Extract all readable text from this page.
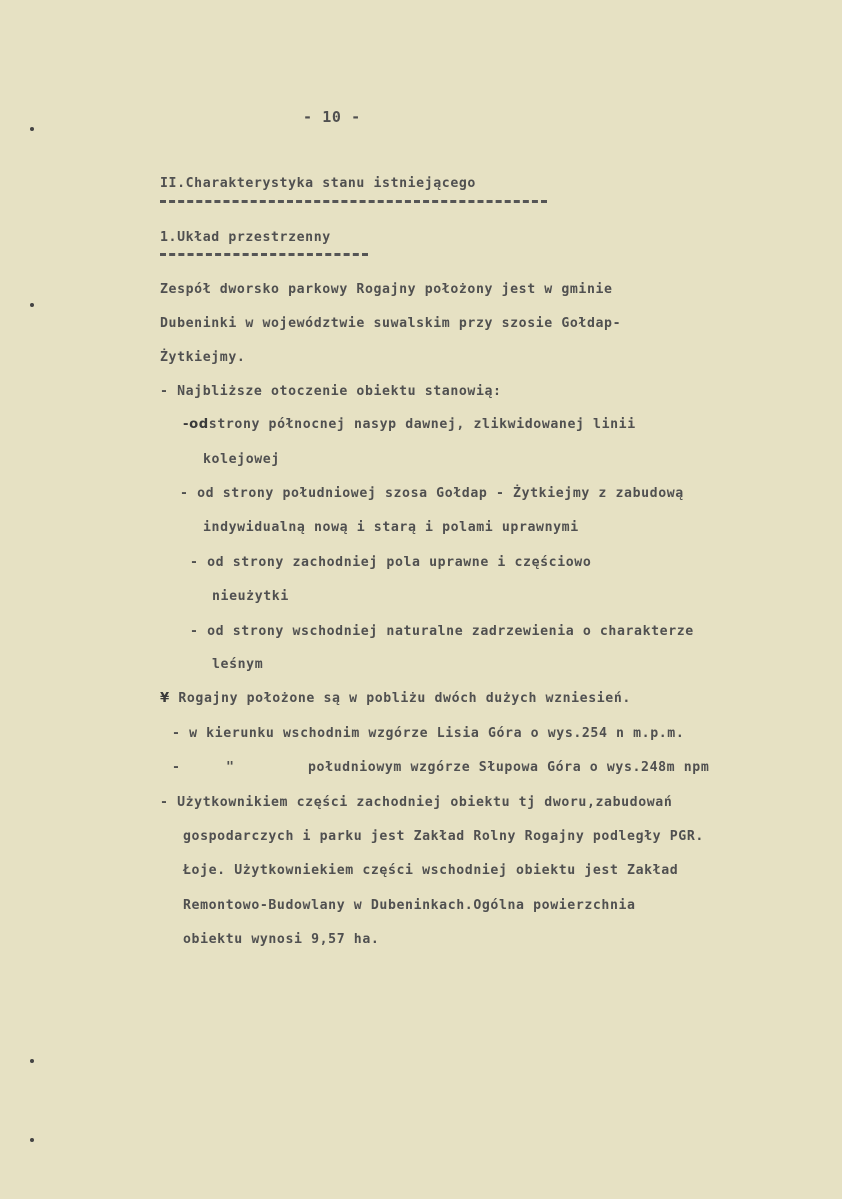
- 10 -
II.Charakterystyka stanu istniejącego
1.Układ przestrzenny
Zespół dworsko parkowy Rogajny położony jest w gminie
Dubeninki w województwie suwalskim przy szosie Gołdap-
Żytkiejmy.
- Najbliższe otoczenie obiektu stanowią:
-odstrony północnej nasyp dawnej, zlikwidowanej linii
kolejowej
- od strony południowej szosa Gołdap - Żytkiejmy z zabudową
indywidualną nową i starą i polami uprawnymi
- od strony zachodniej pola uprawne i częściowo
nieużytki
- od strony wschodniej naturalne zadrzewienia o charakterze
leśnym
¥ Rogajny położone są w pobliżu dwóch dużych wzniesień.
- w kierunku wschodnim wzgórze Lisia Góra o wys.254 n m.p.m.
-	"	południowym wzgórze Słupowa Góra o wys.248m npm
- Użytkownikiem części zachodniej obiektu tj dworu,zabudowań
gospodarczych i parku jest Zakład Rolny Rogajny podległy PGR.
Łoje. Użytkowniekiem części wschodniej obiektu jest Zakład
Remontowo-Budowlany w Dubeninkach.Ogólna powierzchnia
obiektu wynosi 9,57 ha.
